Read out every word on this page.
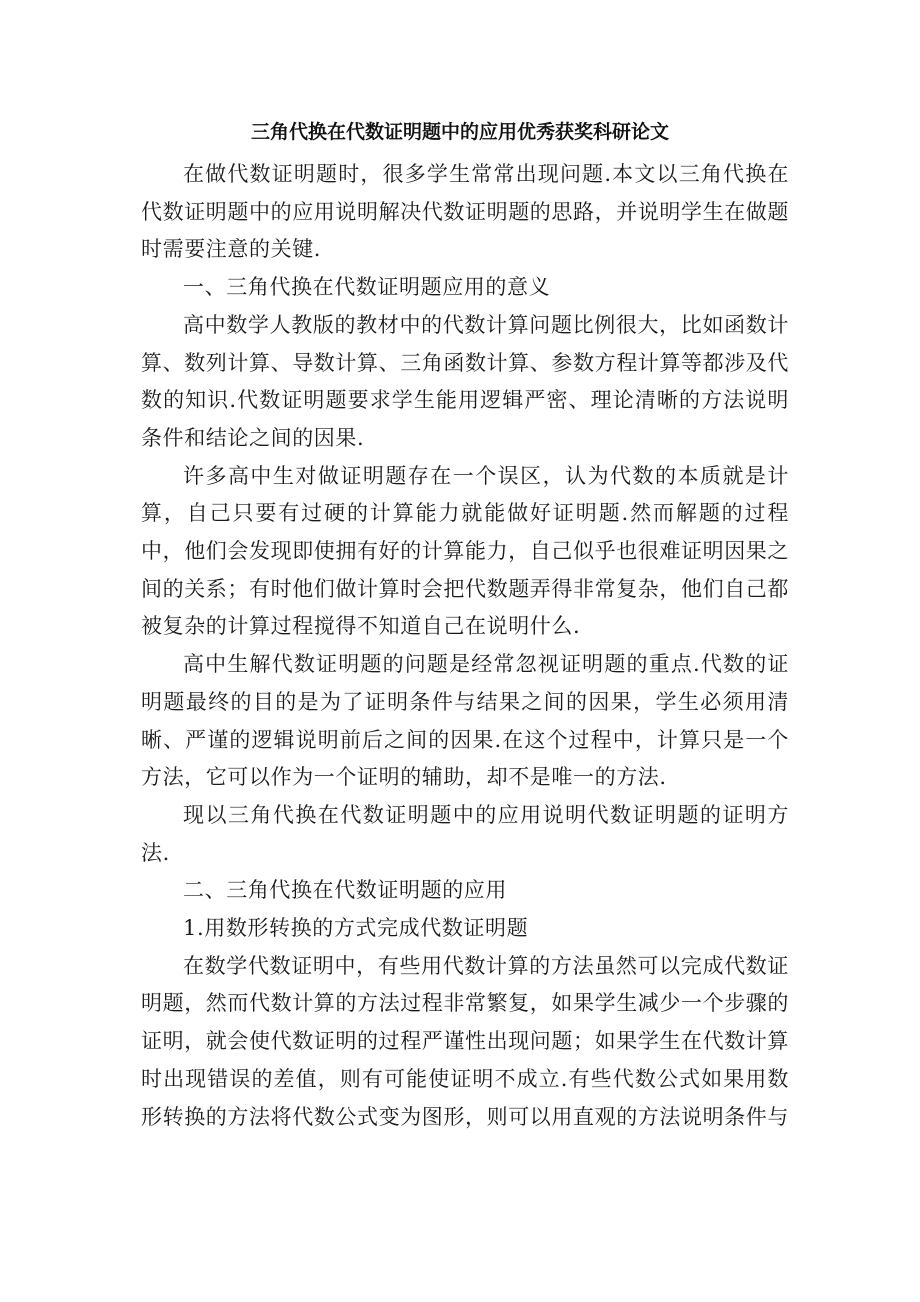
三角代换在代数证明题中的应用优秀获奖科研论文

在做代数证明题时，很多学生常常出现问题.本文以三角代换在代数证明题中的应用说明解决代数证明题的思路，并说明学生在做题时需要注意的关键.

一、三角代换在代数证明题应用的意义

高中数学人教版的教材中的代数计算问题比例很大，比如函数计算、数列计算、导数计算、三角函数计算、参数方程计算等都涉及代数的知识.代数证明题要求学生能用逻辑严密、理论清晰的方法说明条件和结论之间的因果.

许多高中生对做证明题存在一个误区，认为代数的本质就是计算，自己只要有过硬的计算能力就能做好证明题.然而解题的过程中，他们会发现即使拥有好的计算能力，自己似乎也很难证明因果之间的关系；有时他们做计算时会把代数题弄得非常复杂，他们自己都被复杂的计算过程搅得不知道自己在说明什么.

高中生解代数证明题的问题是经常忽视证明题的重点.代数的证明题最终的目的是为了证明条件与结果之间的因果，学生必须用清晰、严谨的逻辑说明前后之间的因果.在这个过程中，计算只是一个方法，它可以作为一个证明的辅助，却不是唯一的方法.

现以三角代换在代数证明题中的应用说明代数证明题的证明方法.

二、三角代换在代数证明题的应用

1.用数形转换的方式完成代数证明题

在数学代数证明中，有些用代数计算的方法虽然可以完成代数证明题，然而代数计算的方法过程非常繁复，如果学生减少一个步骤的证明，就会使代数证明的过程严谨性出现问题；如果学生在代数计算时出现错误的差值，则有可能使证明不成立.有些代数公式如果用数形转换的方法将代数公式变为图形，则可以用直观的方法说明条件与
